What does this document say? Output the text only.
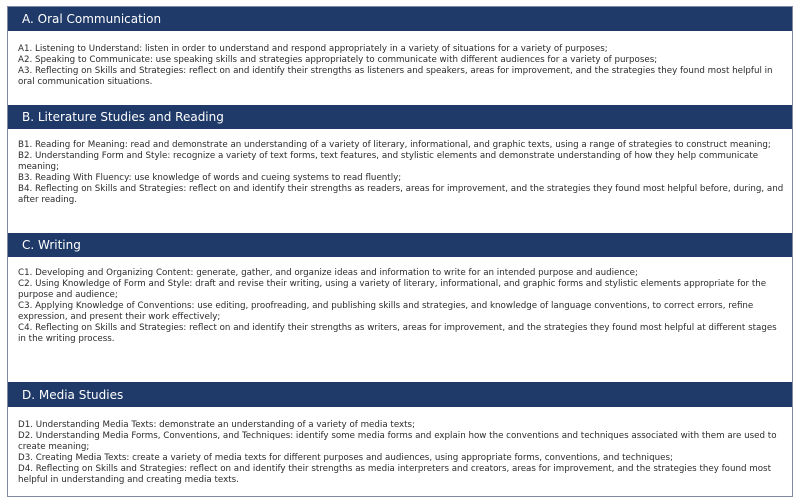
A. Oral Communication

A1. Listening to Understand: listen in order to understand and respond appropriately in a variety of situations for a variety of purposes;

A2. Speaking to Communicate: use speaking skills and strategies appropriately to communicate with different audiences for a variety of purposes;

A3. Reflecting on Skills and Strategies: reflect on and identify their strengths as listeners and speakers, areas for improvement, and the strategies they found most helpful in oral communication situations.

B. Literature Studies and Reading

B1. Reading for Meaning: read and demonstrate an understanding of a variety of literary, informational, and graphic texts, using a range of strategies to construct meaning;

B2. Understanding Form and Style: recognize a variety of text forms, text features, and stylistic elements and demonstrate understanding of how they help communicate meaning;

B3. Reading With Fluency: use knowledge of words and cueing systems to read fluently;

B4. Reflecting on Skills and Strategies: reflect on and identify their strengths as readers, areas for improvement, and the strategies they found most helpful before, during, and after reading.

C. Writing

C1. Developing and Organizing Content: generate, gather, and organize ideas and information to write for an intended purpose and audience;

C2. Using Knowledge of Form and Style: draft and revise their writing, using a variety of literary, informational, and graphic forms and stylistic elements appropriate for the purpose and audience;

C3. Applying Knowledge of Conventions: use editing, proofreading, and publishing skills and strategies, and knowledge of language conventions, to correct errors, refine expression, and present their work effectively;

C4. Reflecting on Skills and Strategies: reflect on and identify their strengths as writers, areas for improvement, and the strategies they found most helpful at different stages in the writing process.

D. Media Studies

D1. Understanding Media Texts: demonstrate an understanding of a variety of media texts;

D2. Understanding Media Forms, Conventions, and Techniques: identify some media forms and explain how the conventions and techniques associated with them are used to create meaning;

D3. Creating Media Texts: create a variety of media texts for different purposes and audiences, using appropriate forms, conventions, and techniques;

D4. Reflecting on Skills and Strategies: reflect on and identify their strengths as media interpreters and creators, areas for improvement, and the strategies they found most helpful in understanding and creating media texts.
